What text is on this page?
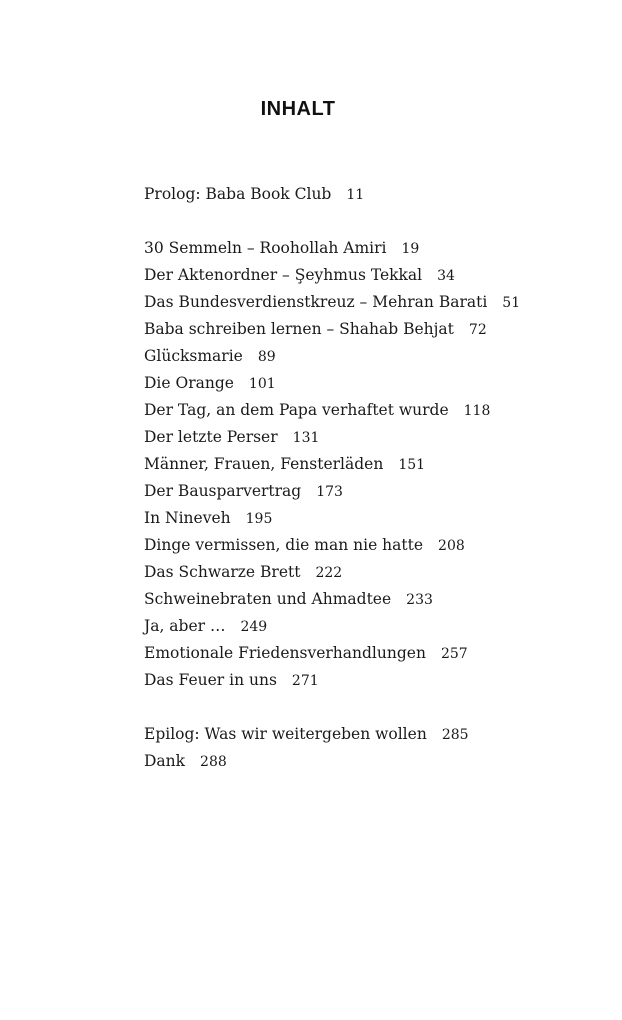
INHALT
Prolog: Baba Book Club 11
30 Semmeln – Roohollah Amiri 19
Der Aktenordner – Şeyhmus Tekkal 34
Das Bundesverdienstkreuz – Mehran Barati 51
Baba schreiben lernen – Shahab Behjat 72
Glücksmarie 89
Die Orange 101
Der Tag, an dem Papa verhaftet wurde 118
Der letzte Perser 131
Männer, Frauen, Fensterläden 151
Der Bausparvertrag 173
In Nineveh 195
Dinge vermissen, die man nie hatte 208
Das Schwarze Brett 222
Schweinebraten und Ahmadtee 233
Ja, aber … 249
Emotionale Friedensverhandlungen 257
Das Feuer in uns 271
Epilog: Was wir weitergeben wollen 285
Dank 288
